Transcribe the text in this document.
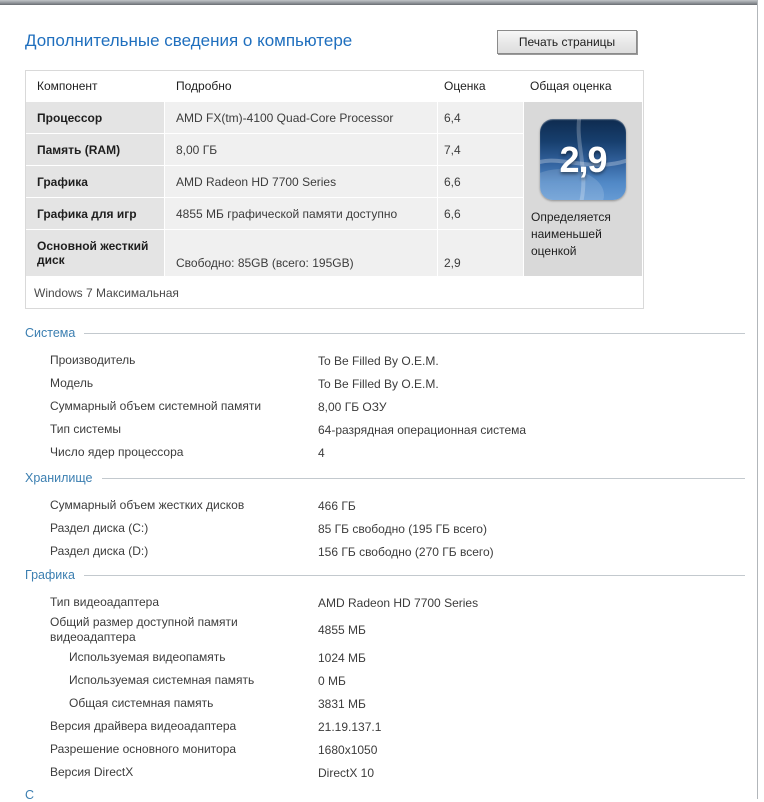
Дополнительные сведения о компьютере	Печать страницы
Компонент	Подробно	Оценка	Общая оценка
Процессор	AMD FX(tm)-4100 Quad-Core Processor	6,4
Память (RAM)	8,00 ГБ	7,4
Графика	AMD Radeon HD 7700 Series	6,6
Графика для игр	4855 МБ графической памяти доступно	6,6
Основной жесткий диск	Свободно: 85GB (всего: 195GB)	2,9
2,9
Определяется наименьшей оценкой
Windows 7 Максимальная
Система
Производитель	To Be Filled By O.E.M.
Модель	To Be Filled By O.E.M.
Суммарный объем системной памяти	8,00 ГБ ОЗУ
Тип системы	64-разрядная операционная система
Число ядер процессора	4
Хранилище
Суммарный объем жестких дисков	466 ГБ
Раздел диска (C:)	85 ГБ свободно (195 ГБ всего)
Раздел диска (D:)	156 ГБ свободно (270 ГБ всего)
Графика
Тип видеоадаптера	AMD Radeon HD 7700 Series
Общий размер доступной памяти видеоадаптера	4855 МБ
Используемая видеопамять	1024 МБ
Используемая системная память	0 МБ
Общая системная память	3831 МБ
Версия драйвера видеоадаптера	21.19.137.1
Разрешение основного монитора	1680x1050
Версия DirectX	DirectX 10
С
